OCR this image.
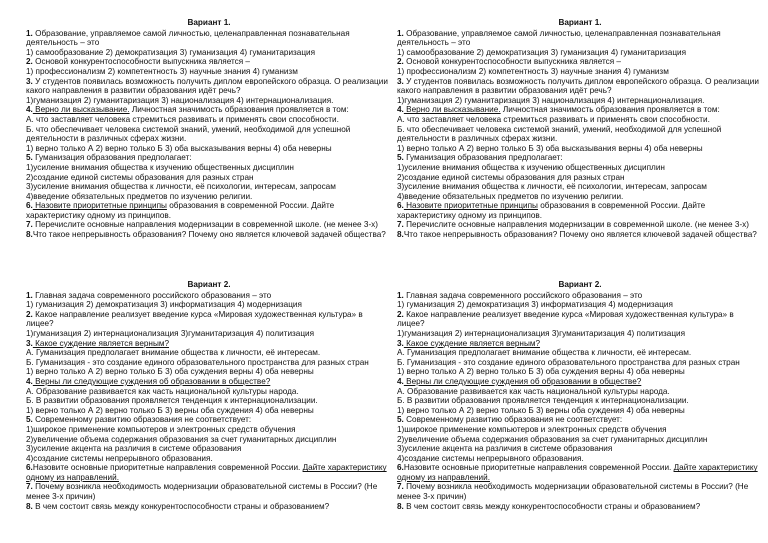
Вариант 1.
1. Образование, управляемое самой личностью, целенаправленная познавательная деятельность – это
1) самообразование 2) демократизация 3) гуманизация 4) гуманитаризация
2. Основой конкурентоспособности выпускника является –
1) профессионализм 2) компетентность 3) научные знания 4) гуманизм
3. У студентов появилась возможность получить диплом европейского образца. О реализации какого направления в развитии образования идёт речь?
1)гуманизация 2) гуманитаризация 3) национализация 4) интернационализация.
4. Верно ли высказывание. Личностная значимость образования проявляется в том:
А. что заставляет человека стремиться развивать и применять свои способности.
Б. что обеспечивает человека системой знаний, умений, необходимой для успешной деятельности в различных сферах жизни.
1) верно только А 2) верно только Б 3) оба высказывания верны 4) оба неверны
5. Гуманизация образования предполагает:
1)усиление внимания общества к изучению общественных дисциплин
2)создание единой системы образования для разных стран
3)усиление внимания общества к личности, её психологии, интересам, запросам
4)введение обязательных предметов по изучению религии.
6. Назовите приоритетные принципы образования в современной России. Дайте характеристику одному из принципов.
7. Перечислите основные направления модернизации в современной школе. (не менее 3-х)
8.Что такое непрерывность образования? Почему оно является ключевой задачей общества?
Вариант 1.
1. Образование, управляемое самой личностью, целенаправленная познавательная деятельность – это
1) самообразование 2) демократизация 3) гуманизация 4) гуманитаризация
2. Основой конкурентоспособности выпускника является –
1) профессионализм 2) компетентность 3) научные знания 4) гуманизм
3. У студентов появилась возможность получить диплом европейского образца. О реализации какого направления в развитии образования идёт речь?
1)гуманизация 2) гуманитаризация 3) национализация 4) интернационализация.
4. Верно ли высказывание. Личностная значимость образования проявляется в том:
А. что заставляет человека стремиться развивать и применять свои способности.
Б. что обеспечивает человека системой знаний, умений, необходимой для успешной деятельности в различных сферах жизни.
1) верно только А 2) верно только Б 3) оба высказывания верны 4) оба неверны
5. Гуманизация образования предполагает:
1)усиление внимания общества к изучению общественных дисциплин
2)создание единой системы образования для разных стран
3)усиление внимания общества к личности, её психологии, интересам, запросам
4)введение обязательных предметов по изучению религии.
6. Назовите приоритетные принципы образования в современной России. Дайте характеристику одному из принципов.
7. Перечислите основные направления модернизации в современной школе. (не менее 3-х)
8.Что такое непрерывность образования? Почему оно является ключевой задачей общества?
Вариант 2.
1. Главная задача современного российского образования – это
1) гуманизация 2) демократизация 3) информатизация 4) модернизация
2. Какое направление реализует введение курса «Мировая художественная культура» в лицее?
1)гуманизация 2) интернационализация 3)гуманитаризация 4) политизация
3. Какое суждение является верным?
А. Гуманизация предполагает внимание общества к личности, её интересам.
Б. Гуманизация - это создание единого образовательного пространства для разных стран
1) верно только А 2) верно только Б 3) оба суждения верны 4) оба неверны
4. Верны ли следующие суждения об образовании в обществе?
А. Образование развивается как часть национальной культуры народа.
Б. В развитии образования проявляется тенденция к интернационализации.
1) верно только А 2) верно только Б 3) верны оба суждения 4) оба неверны
5. Современному развитию образования не соответствует:
1)широкое применение компьютеров и электронных средств обучения
2)увеличение объема содержания образования за счет гуманитарных дисциплин
3)усиление акцента на различия в системе образования
4)создание системы непрерывного образования.
6.Назовите основные приоритетные направления современной России. Дайте характеристику одному из направлений.
7. Почему возникла необходимость модернизации образовательной системы в России? (Не менее 3-х причин)
8. В чем состоит связь между конкурентоспособности страны и образованием?
Вариант 2.
1. Главная задача современного российского образования – это
1) гуманизация 2) демократизация 3) информатизация 4) модернизация
2. Какое направление реализует введение курса «Мировая художественная культура» в лицее?
1)гуманизация 2) интернационализация 3)гуманитаризация 4) политизация
3. Какое суждение является верным?
А. Гуманизация предполагает внимание общества к личности, её интересам.
Б. Гуманизация - это создание единого образовательного пространства для разных стран
1) верно только А 2) верно только Б 3) оба суждения верны 4) оба неверны
4. Верны ли следующие суждения об образовании в обществе?
А. Образование развивается как часть национальной культуры народа.
Б. В развитии образования проявляется тенденция к интернационализации.
1) верно только А 2) верно только Б 3) верны оба суждения 4) оба неверны
5. Современному развитию образования не соответствует:
1)широкое применение компьютеров и электронных средств обучения
2)увеличение объема содержания образования за счет гуманитарных дисциплин
3)усиление акцента на различия в системе образования
4)создание системы непрерывного образования.
6.Назовите основные приоритетные направления современной России. Дайте характеристику одному из направлений.
7. Почему возникла необходимость модернизации образовательной системы в России? (Не менее 3-х причин)
8. В чем состоит связь между конкурентоспособности страны и образованием?
